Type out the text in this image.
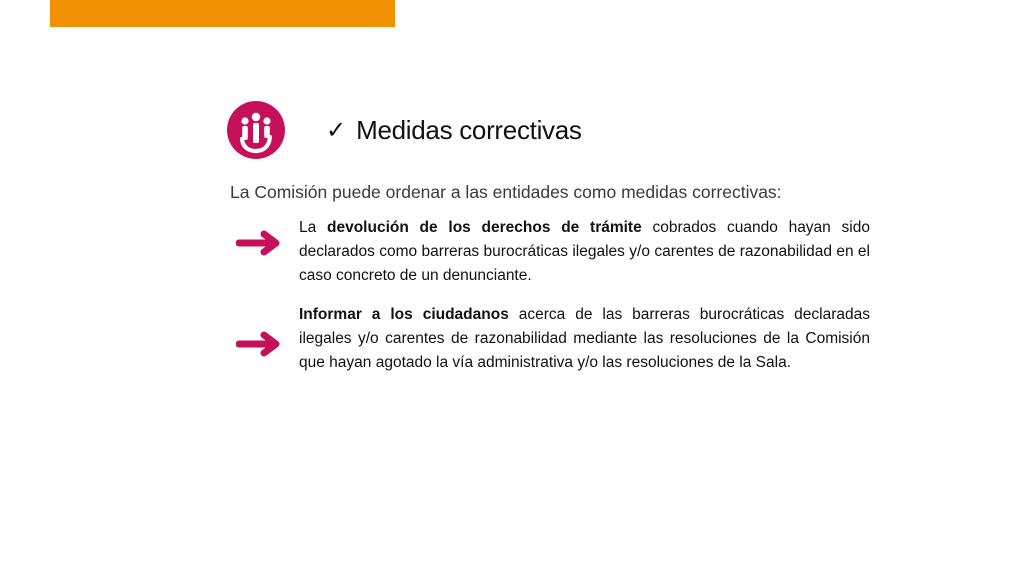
✓ Medidas correctivas
La Comisión puede ordenar a las entidades como medidas correctivas:
La devolución de los derechos de trámite cobrados cuando hayan sido declarados como barreras burocráticas ilegales y/o carentes de razonabilidad en el caso concreto de un denunciante.
Informar a los ciudadanos acerca de las barreras burocráticas declaradas ilegales y/o carentes de razonabilidad mediante las resoluciones de la Comisión que hayan agotado la vía administrativa y/o las resoluciones de la Sala.
